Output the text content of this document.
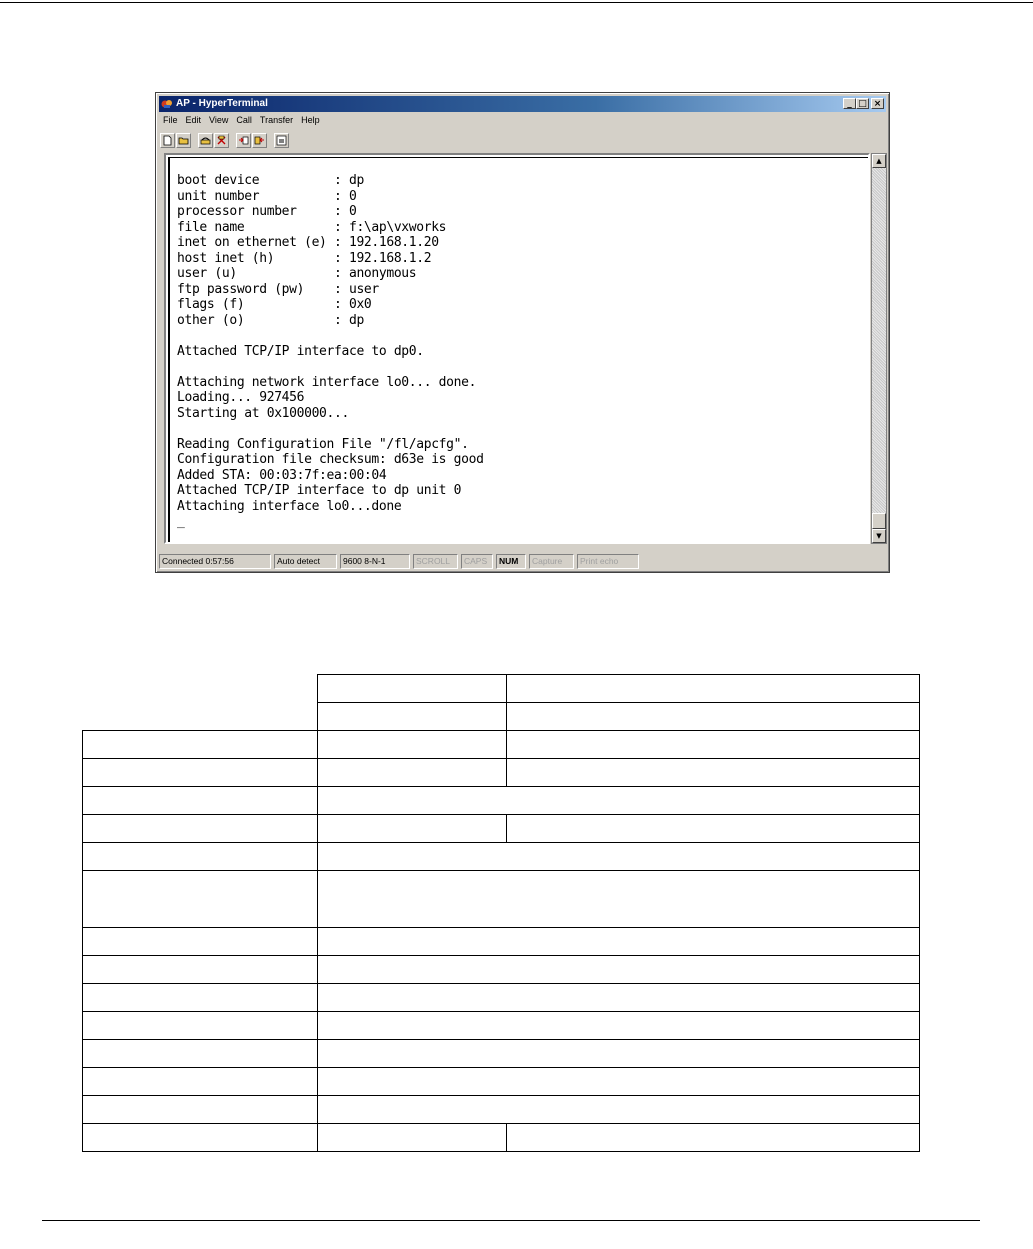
AP - HyperTerminal	_ □ ×
File Edit View Call Transfer Help
boot device          : dp
unit number          : 0
processor number     : 0
file name            : f:\ap\vxworks
inet on ethernet (e) : 192.168.1.20
host inet (h)        : 192.168.1.2
user (u)             : anonymous
ftp password (pw)    : user
flags (f)            : 0x0
other (o)            : dp

Attached TCP/IP interface to dp0.

Attaching network interface lo0... done.
Loading... 927456
Starting at 0x100000...

Reading Configuration File "/fl/apcfg".
Configuration file checksum: d63e is good
Added STA: 00:03:7f:ea:00:04
Attached TCP/IP interface to dp unit 0
Attaching interface lo0...done
_

▲
▼
Connected 0:57:56	Auto detect	9600 8-N-1	SCROLL	CAPS	NUM	Capture	Print echo
